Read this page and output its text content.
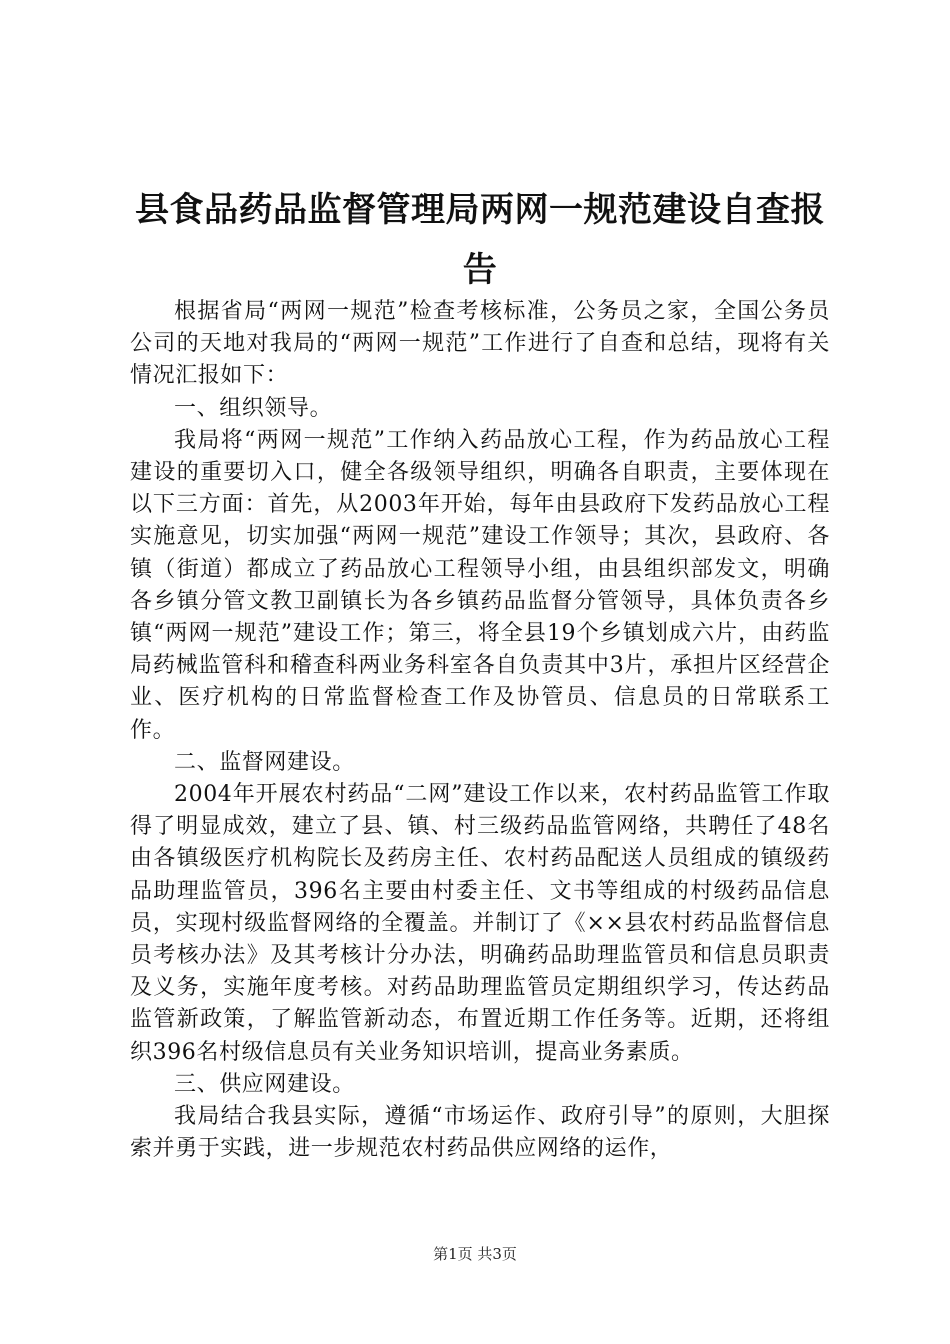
县食品药品监督管理局两网一规范建设自查报告

根据省局“两网一规范”检查考核标准，公务员之家，全国公务员公司的天地对我局的“两网一规范”工作进行了自查和总结，现将有关情况汇报如下：

一、组织领导。

我局将“两网一规范”工作纳入药品放心工程，作为药品放心工程建设的重要切入口，健全各级领导组织，明确各自职责，主要体现在以下三方面：首先，从2003年开始，每年由县政府下发药品放心工程实施意见，切实加强“两网一规范”建设工作领导；其次，县政府、各镇（街道）都成立了药品放心工程领导小组，由县组织部发文，明确各乡镇分管文教卫副镇长为各乡镇药品监督分管领导，具体负责各乡镇“两网一规范”建设工作；第三，将全县19个乡镇划成六片，由药监局药械监管科和稽查科两业务科室各自负责其中3片，承担片区经营企业、医疗机构的日常监督检查工作及协管员、信息员的日常联系工作。

二、监督网建设。

2004年开展农村药品“二网”建设工作以来，农村药品监管工作取得了明显成效，建立了县、镇、村三级药品监管网络，共聘任了48名由各镇级医疗机构院长及药房主任、农村药品配送人员组成的镇级药品助理监管员，396名主要由村委主任、文书等组成的村级药品信息员，实现村级监督网络的全覆盖。并制订了《××县农村药品监督信息员考核办法》及其考核计分办法，明确药品助理监管员和信息员职责及义务，实施年度考核。对药品助理监管员定期组织学习，传达药品监管新政策，了解监管新动态，布置近期工作任务等。近期，还将组织396名村级信息员有关业务知识培训，提高业务素质。

三、供应网建设。

我局结合我县实际，遵循“市场运作、政府引导”的原则，大胆探索并勇于实践，进一步规范农村药品供应网络的运作，

第1页 共3页
